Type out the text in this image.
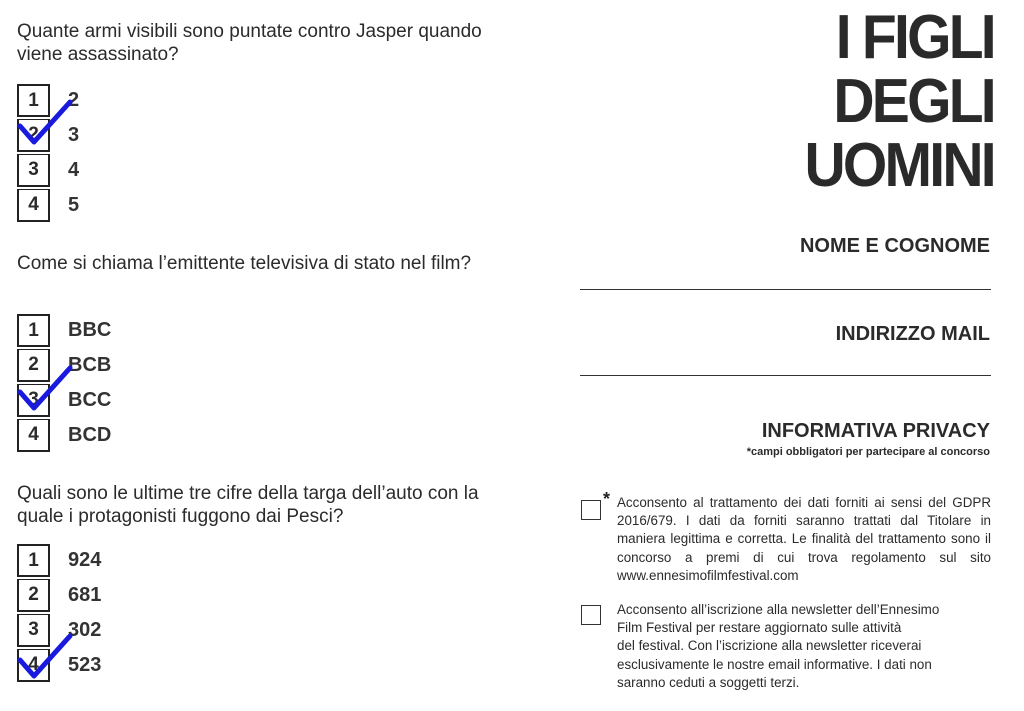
Quante armi visibili sono puntate contro Jasper quando viene assassinato?
1	2
2	3
3	4
4	5
Come si chiama l’emittente televisiva di stato nel film?
1	BBC
2	BCB
3	BCC
4	BCD
Quali sono le ultime tre cifre della targa dell’auto con la quale i protagonisti fuggono dai Pesci?
1	924
2	681
3	302
4	523
I FIGLI
DEGLI
UOMINI
NOME E COGNOME
INDIRIZZO MAIL
INFORMATIVA PRIVACY
*campi obbligatori per partecipare al concorso
* Acconsento al trattamento dei dati forniti ai sensi del GDPR 2016/679. I dati da forniti saranno trattati dal Titolare in maniera legittima e corretta. Le finalità del trattamento sono il concorso a premi di cui trova regolamento sul sito www.ennesimofilmfestival.com
Acconsento all’iscrizione alla newsletter dell’Ennesimo
Film Festival per restare aggiornato sulle attività
del festival. Con l’iscrizione alla newsletter riceverai
esclusivamente le nostre email informative. I dati non
saranno ceduti a soggetti terzi.
